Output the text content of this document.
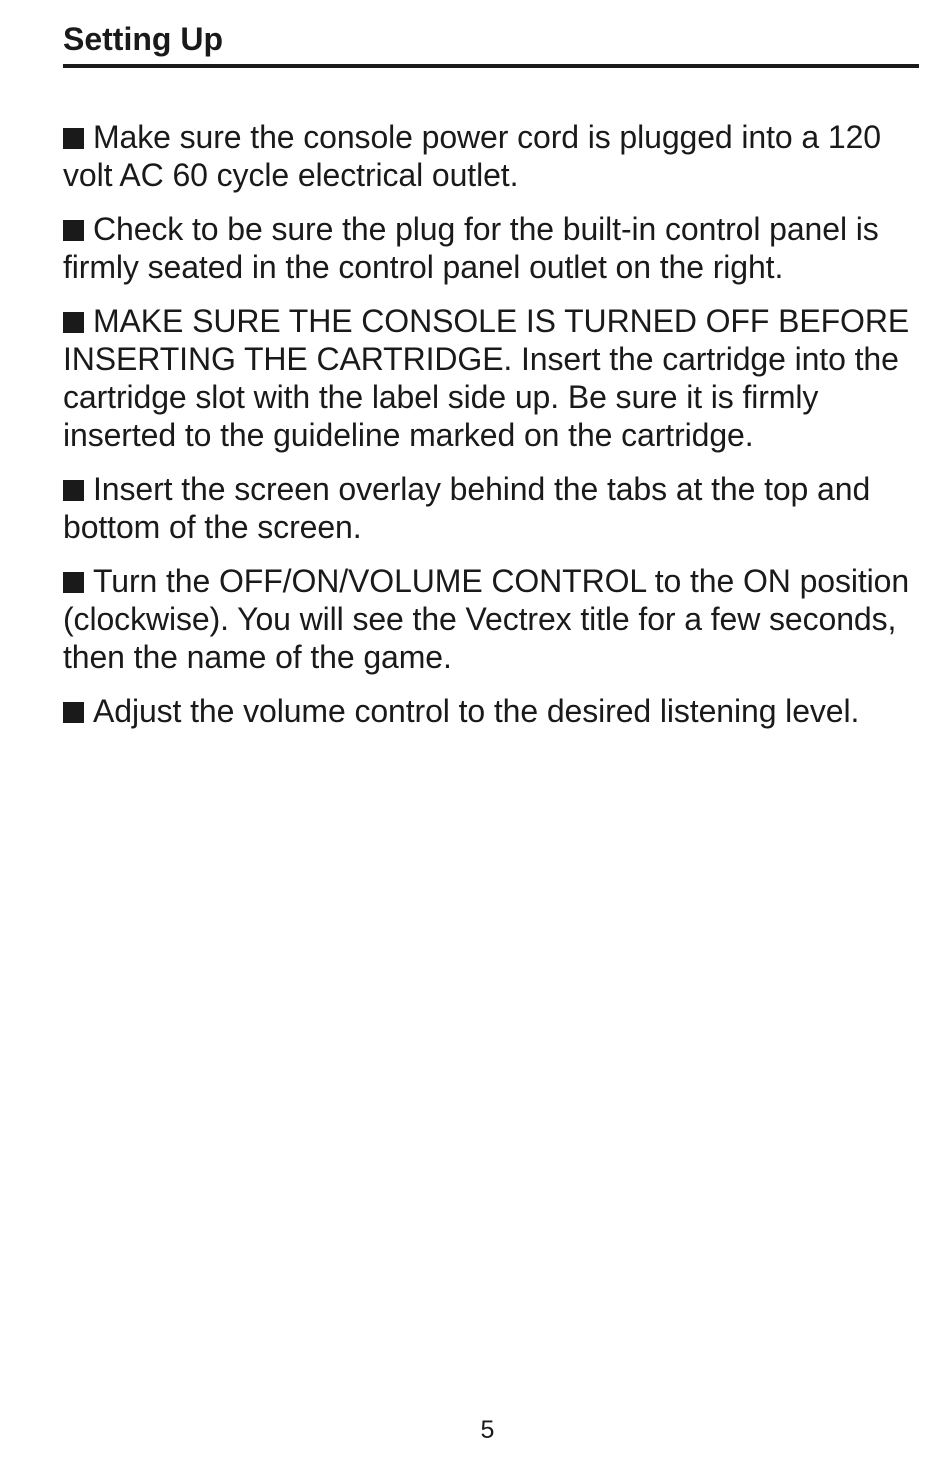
Setting Up

Make sure the console power cord is plugged into a 120 volt AC 60 cycle electrical outlet.

Check to be sure the plug for the built-in control panel is firmly seated in the control panel outlet on the right.

MAKE SURE THE CONSOLE IS TURNED OFF BEFORE INSERTING THE CARTRIDGE. Insert the cartridge into the cartridge slot with the label side up. Be sure it is firmly inserted to the guideline marked on the cartridge.

Insert the screen overlay behind the tabs at the top and bottom of the screen.

Turn the OFF/ON/VOLUME CONTROL to the ON position (clockwise). You will see the Vectrex title for a few seconds, then the name of the game.

Adjust the volume control to the desired listening level.

5
